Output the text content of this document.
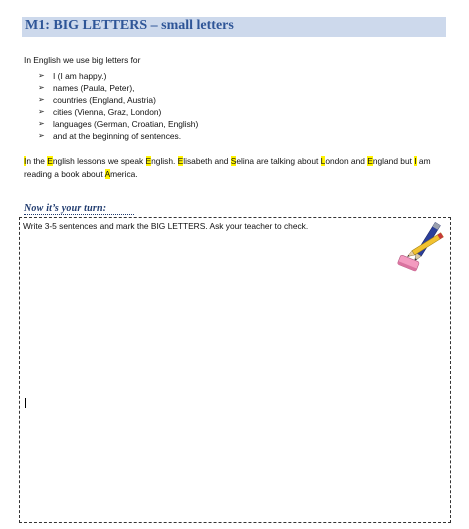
M1: BIG LETTERS – small letters
In English we use big letters for
➢ I (I am happy.)
➢ names (Paula, Peter),
➢ countries (England, Austria)
➢ cities (Vienna, Graz, London)
➢ languages (German, Croatian, English)
➢ and at the beginning of sentences.
In the English lessons we speak English. Elisabeth and Selina are talking about London and England but I am reading a book about America.
Now it’s your turn:
Write 3-5 sentences and mark the BIG LETTERS. Ask your teacher to check.
